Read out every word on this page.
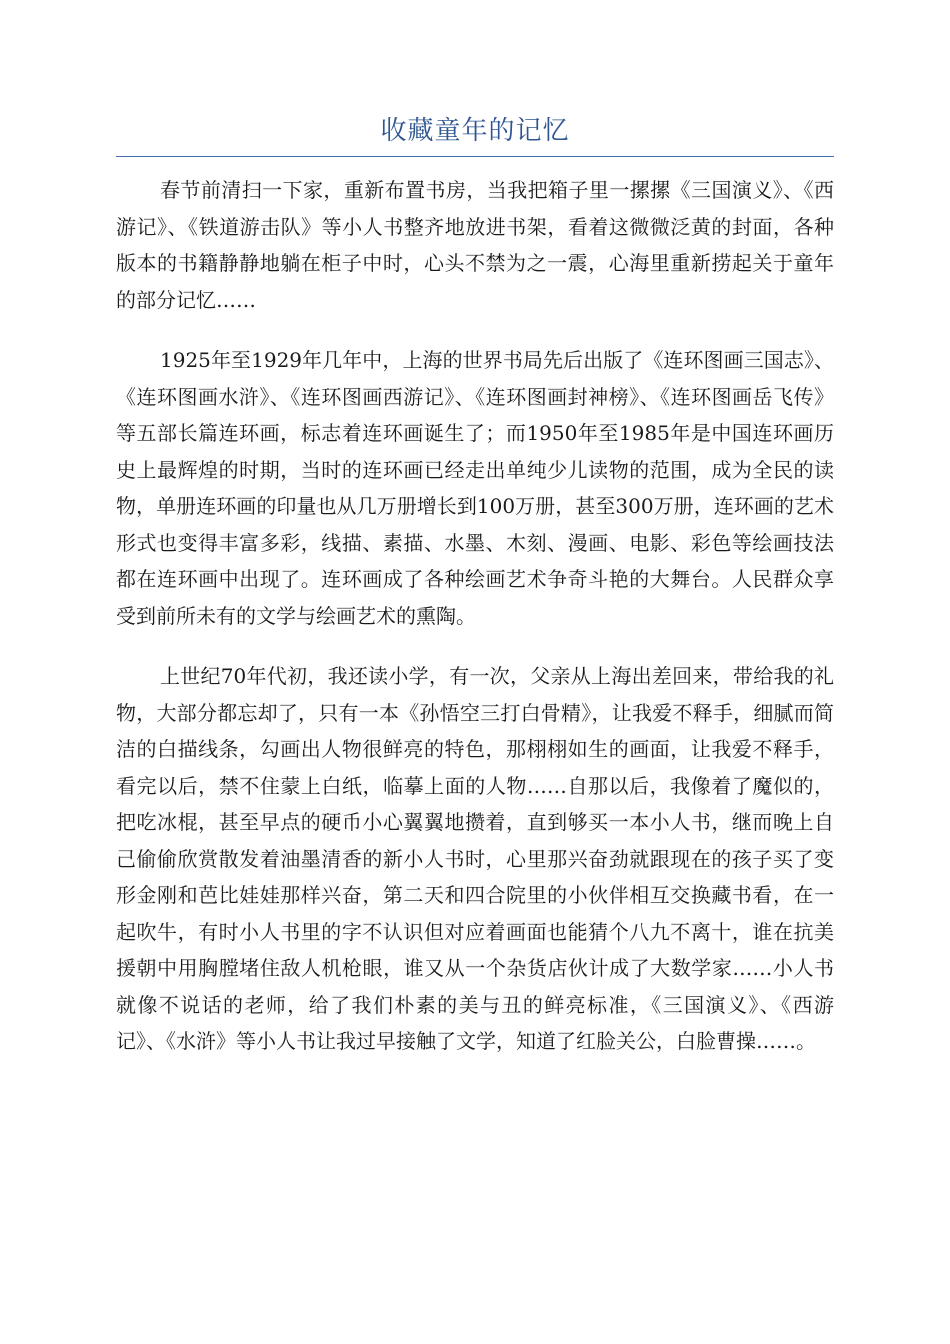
收藏童年的记忆

春节前清扫一下家，重新布置书房，当我把箱子里一摞摞《三国演义》、《西游记》、《铁道游击队》等小人书整齐地放进书架，看着这微微泛黄的封面，各种版本的书籍静静地躺在柜子中时，心头不禁为之一震，心海里重新捞起关于童年的部分记忆……

1925年至1929年几年中，上海的世界书局先后出版了《连环图画三国志》、《连环图画水浒》、《连环图画西游记》、《连环图画封神榜》、《连环图画岳飞传》等五部长篇连环画，标志着连环画诞生了；而1950年至1985年是中国连环画历史上最辉煌的时期，当时的连环画已经走出单纯少儿读物的范围，成为全民的读物，单册连环画的印量也从几万册增长到100万册，甚至300万册，连环画的艺术形式也变得丰富多彩，线描、素描、水墨、木刻、漫画、电影、彩色等绘画技法都在连环画中出现了。连环画成了各种绘画艺术争奇斗艳的大舞台。人民群众享受到前所未有的文学与绘画艺术的熏陶。

上世纪70年代初，我还读小学，有一次，父亲从上海出差回来，带给我的礼物，大部分都忘却了，只有一本《孙悟空三打白骨精》，让我爱不释手，细腻而简洁的白描线条，勾画出人物很鲜亮的特色，那栩栩如生的画面，让我爱不释手，看完以后，禁不住蒙上白纸，临摹上面的人物……自那以后，我像着了魔似的，把吃冰棍，甚至早点的硬币小心翼翼地攒着，直到够买一本小人书，继而晚上自己偷偷欣赏散发着油墨清香的新小人书时，心里那兴奋劲就跟现在的孩子买了变形金刚和芭比娃娃那样兴奋，第二天和四合院里的小伙伴相互交换藏书看，在一起吹牛，有时小人书里的字不认识但对应着画面也能猜个八九不离十，谁在抗美援朝中用胸膛堵住敌人机枪眼，谁又从一个杂货店伙计成了大数学家……小人书就像不说话的老师，给了我们朴素的美与丑的鲜亮标准，《三国演义》、《西游记》、《水浒》等小人书让我过早接触了文学，知道了红脸关公，白脸曹操……。
